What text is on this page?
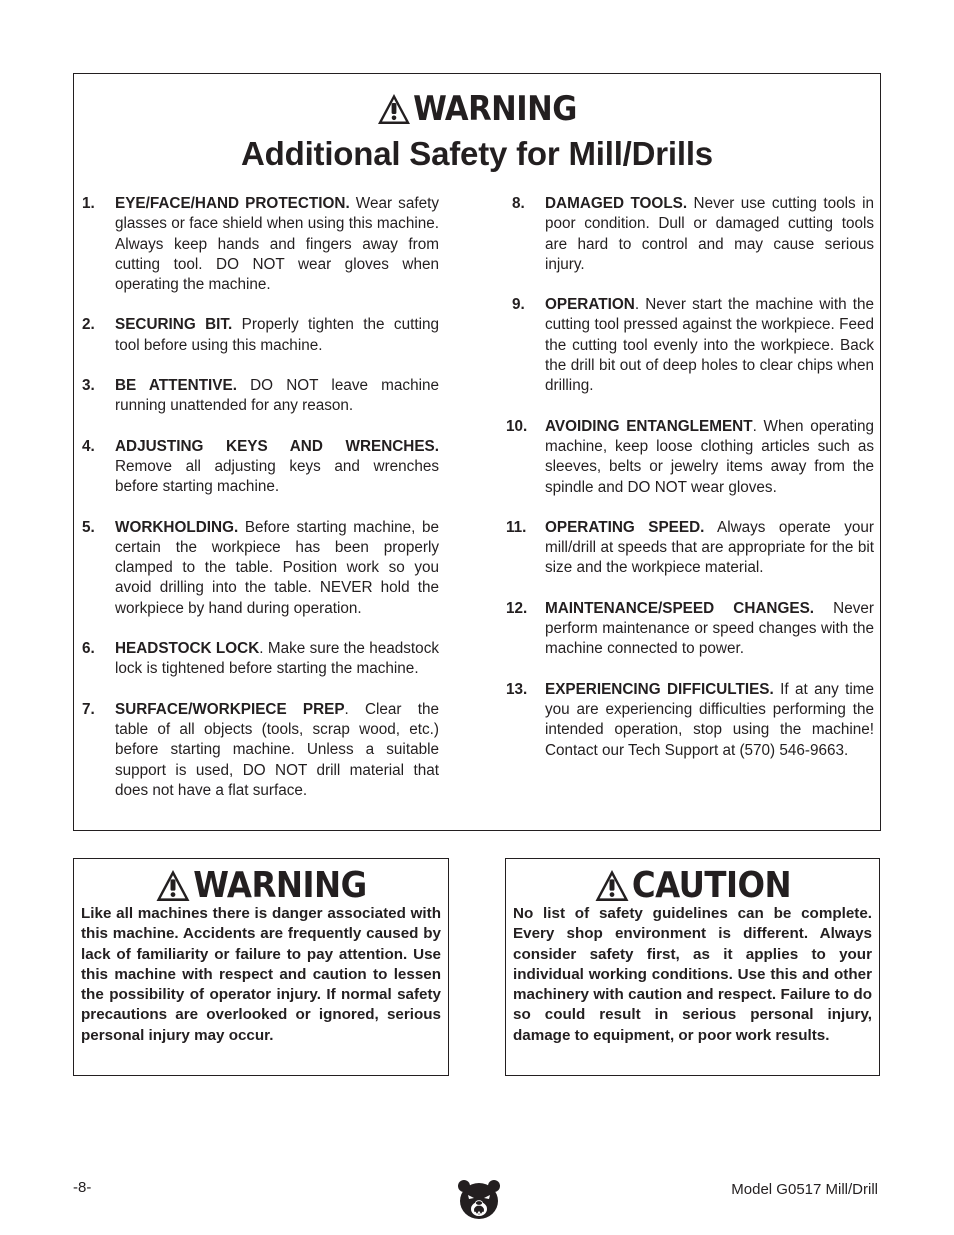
WARNING
Additional Safety for Mill/Drills
1. EYE/FACE/HAND PROTECTION. Wear safety glasses or face shield when using this machine. Always keep hands and fingers away from cutting tool. DO NOT wear gloves when operating the machine.
2. SECURING BIT. Properly tighten the cutting tool before using this machine.
3. BE ATTENTIVE. DO NOT leave machine running unattended for any reason.
4. ADJUSTING KEYS AND WRENCHES. Remove all adjusting keys and wrenches before starting machine.
5. WORKHOLDING. Before starting machine, be certain the workpiece has been properly clamped to the table. Position work so you avoid drilling into the table. NEVER hold the workpiece by hand during operation.
6. HEADSTOCK LOCK. Make sure the headstock lock is tightened before starting the machine.
7. SURFACE/WORKPIECE PREP. Clear the table of all objects (tools, scrap wood, etc.) before starting machine. Unless a suitable support is used, DO NOT drill material that does not have a flat surface.
8. DAMAGED TOOLS. Never use cutting tools in poor condition. Dull or damaged cutting tools are hard to control and may cause serious injury.
9. OPERATION. Never start the machine with the cutting tool pressed against the workpiece. Feed the cutting tool evenly into the workpiece. Back the drill bit out of deep holes to clear chips when drilling.
10. AVOIDING ENTANGLEMENT. When operating machine, keep loose clothing articles such as sleeves, belts or jewelry items away from the spindle and DO NOT wear gloves.
11. OPERATING SPEED. Always operate your mill/drill at speeds that are appropriate for the bit size and the workpiece material.
12. MAINTENANCE/SPEED CHANGES. Never perform maintenance or speed changes with the machine connected to power.
13. EXPERIENCING DIFFICULTIES. If at any time you are experiencing difficulties performing the intended operation, stop using the machine! Contact our Tech Support at (570) 546-9663.
WARNING
Like all machines there is danger associated with this machine. Accidents are frequently caused by lack of familiarity or failure to pay attention. Use this machine with respect and caution to lessen the possibility of operator injury. If normal safety precautions are overlooked or ignored, serious personal injury may occur.
CAUTION
No list of safety guidelines can be complete. Every shop environment is different. Always consider safety first, as it applies to your individual working conditions. Use this and other machinery with caution and respect. Failure to do so could result in serious personal injury, damage to equipment, or poor work results.
-8-	Model G0517 Mill/Drill
